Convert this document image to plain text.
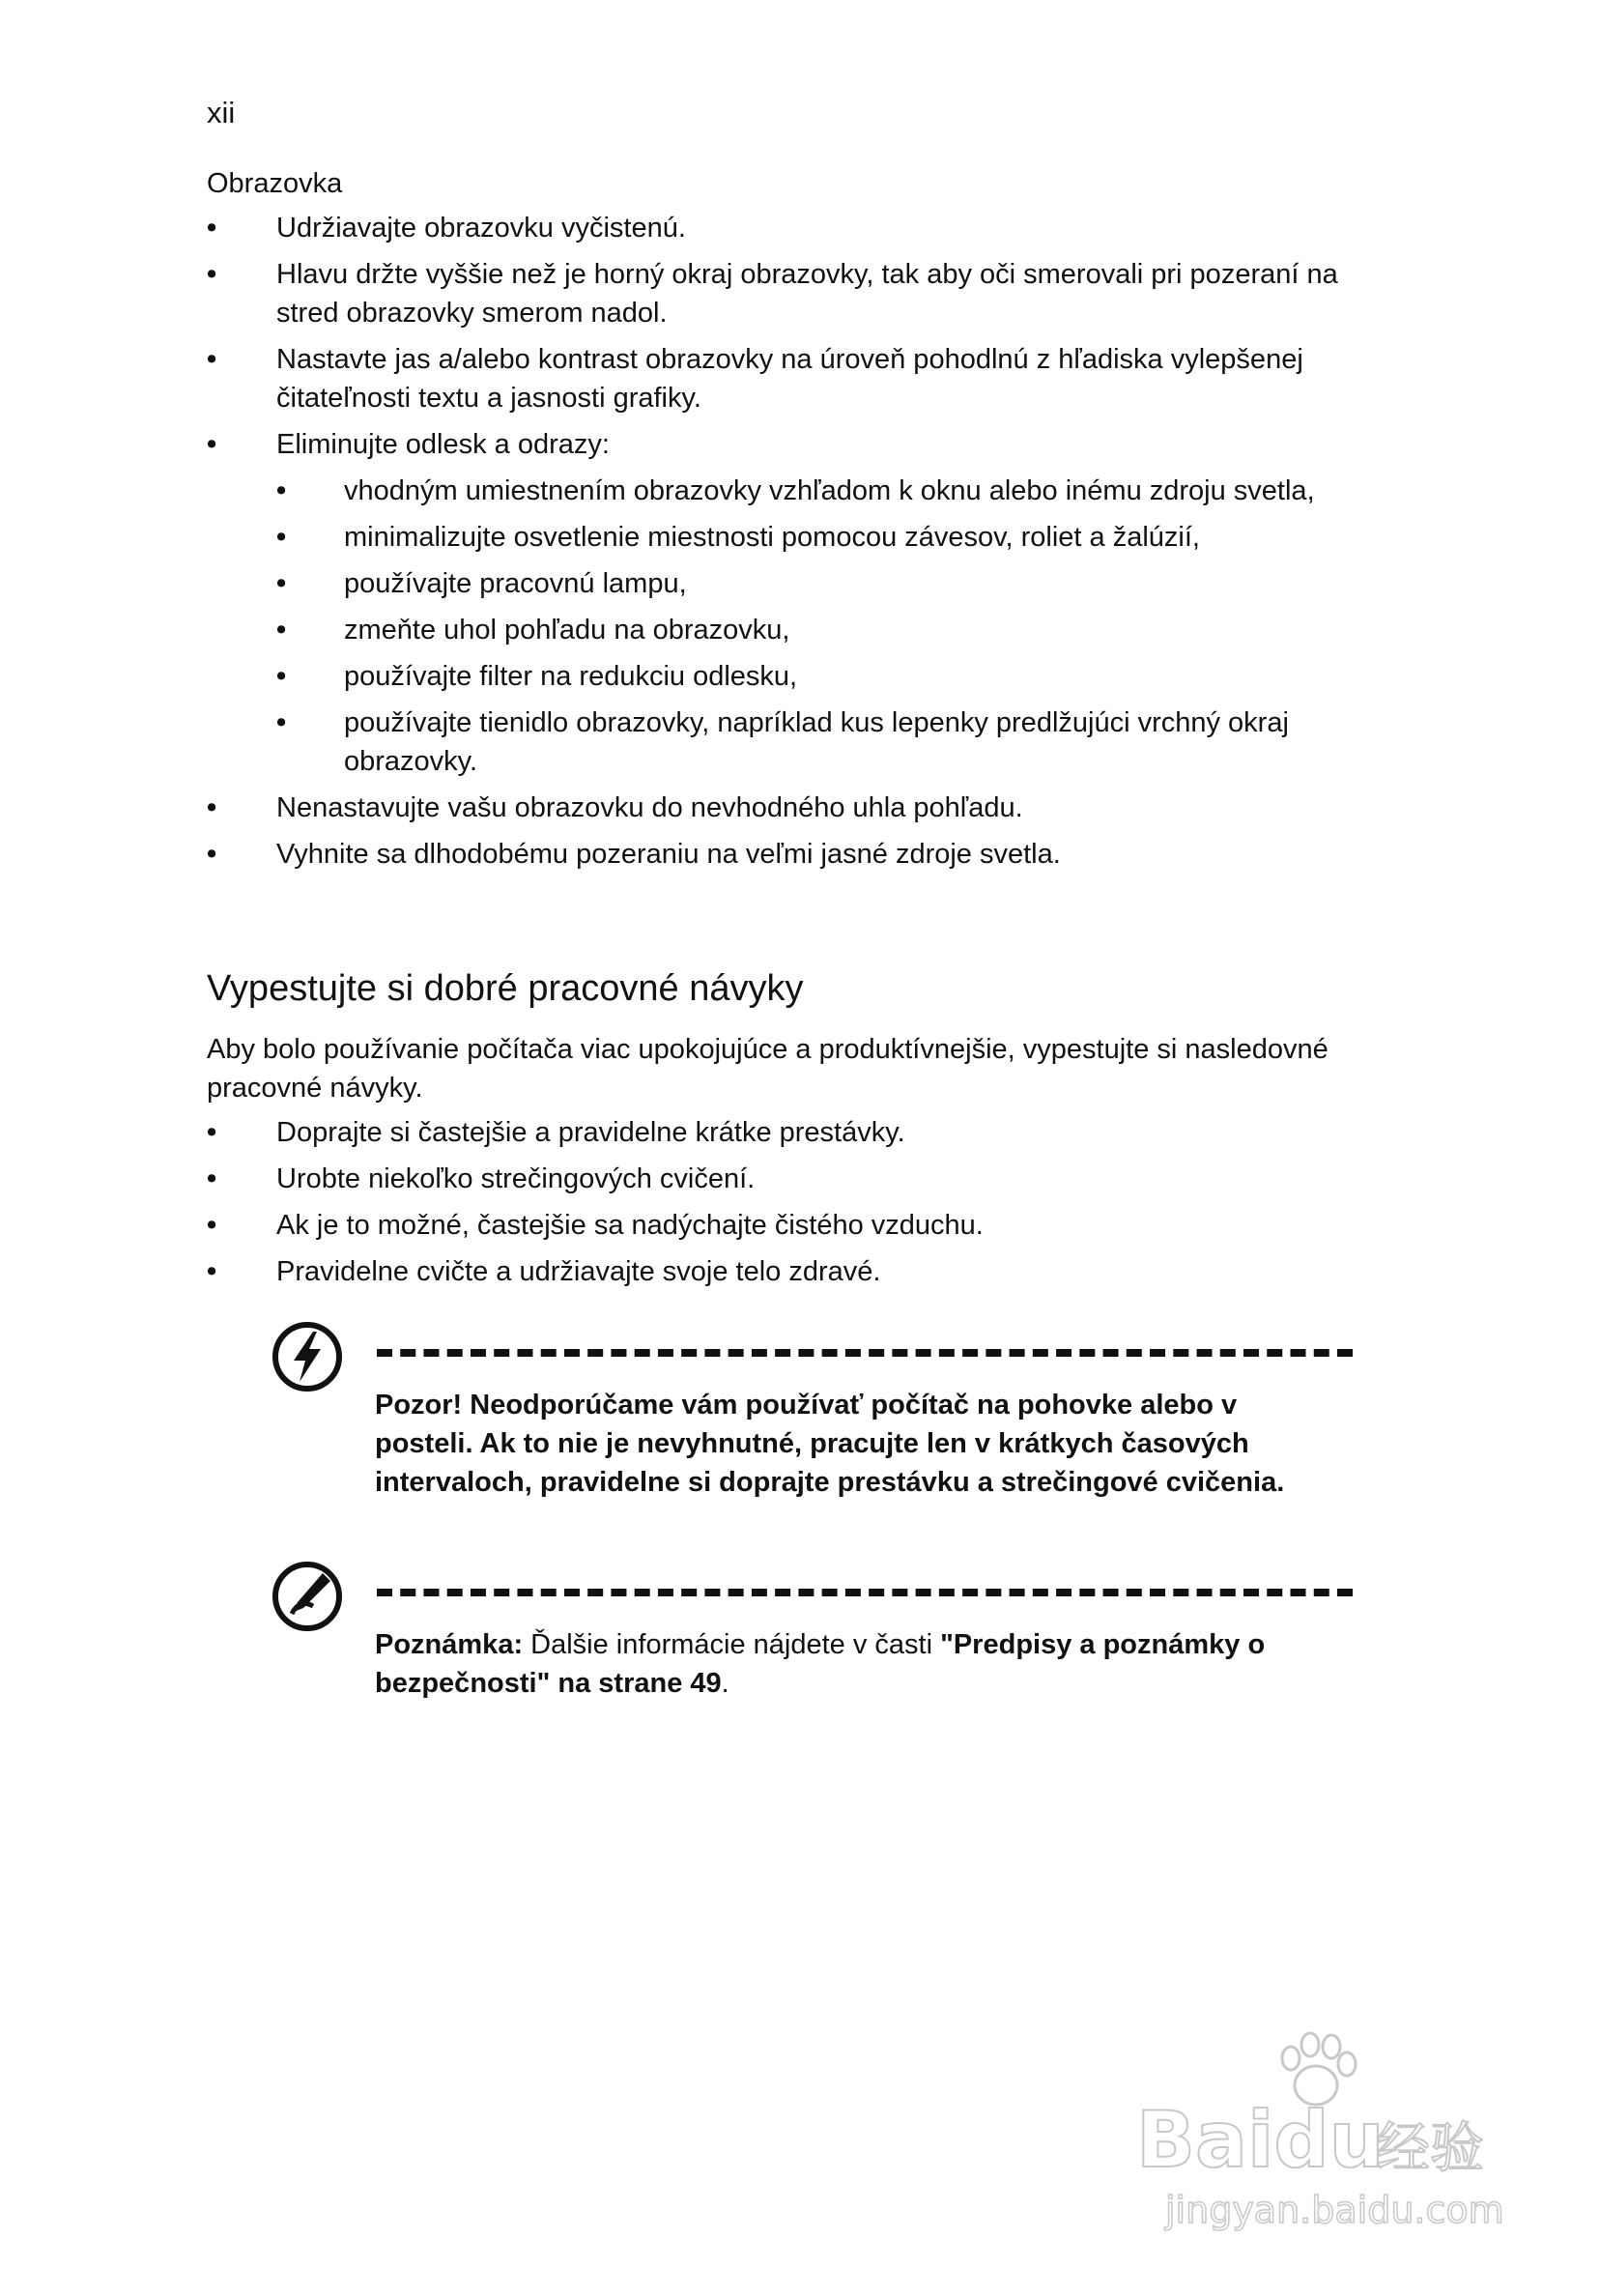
xii
Obrazovka
• Udržiavajte obrazovku vyčistenú.
• Hlavu držte vyššie než je horný okraj obrazovky, tak aby oči smerovali pri pozeraní na stred obrazovky smerom nadol.
• Nastavte jas a/alebo kontrast obrazovky na úroveň pohodlnú z hľadiska vylepšenej čitateľnosti textu a jasnosti grafiky.
• Eliminujte odlesk a odrazy:
• vhodným umiestnením obrazovky vzhľadom k oknu alebo inému zdroju svetla,
• minimalizujte osvetlenie miestnosti pomocou závesov, roliet a žalúzií,
• používajte pracovnú lampu,
• zmeňte uhol pohľadu na obrazovku,
• používajte filter na redukciu odlesku,
• používajte tienidlo obrazovky, napríklad kus lepenky predlžujúci vrchný okraj obrazovky.
• Nenastavujte vašu obrazovku do nevhodného uhla pohľadu.
• Vyhnite sa dlhodobému pozeraniu na veľmi jasné zdroje svetla.
Vypestujte si dobré pracovné návyky
Aby bolo používanie počítača viac upokojujúce a produktívnejšie, vypestujte si nasledovné pracovné návyky.
• Doprajte si častejšie a pravidelne krátke prestávky.
• Urobte niekoľko strečingových cvičení.
• Ak je to možné, častejšie sa nadýchajte čistého vzduchu.
• Pravidelne cvičte a udržiavajte svoje telo zdravé.
Pozor! Neodporúčame vám používať počítač na pohovke alebo v posteli. Ak to nie je nevyhnutné, pracujte len v krátkych časových intervaloch, pravidelne si doprajte prestávku a strečingové cvičenia.
Poznámka: Ďalšie informácie nájdete v časti "Predpisy a poznámky o bezpečnosti" na strane 49.
Baidu
经验
jingyan.baidu.com
